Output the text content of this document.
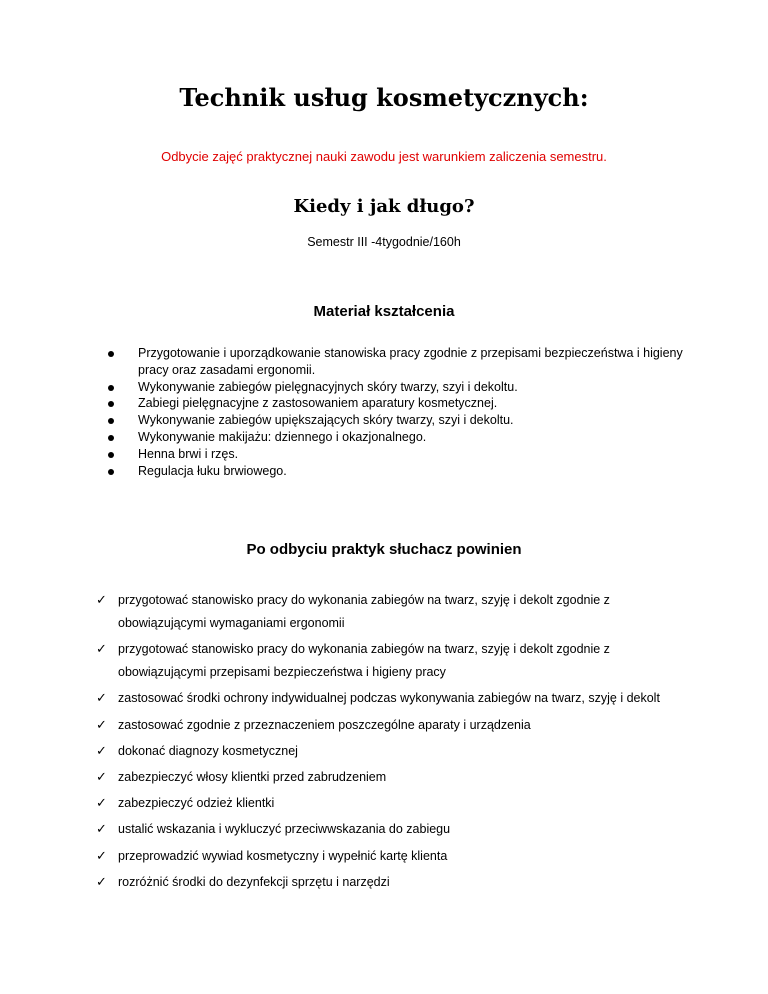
Technik usług kosmetycznych:
Odbycie zajęć praktycznej nauki zawodu jest warunkiem zaliczenia semestru.
Kiedy i jak długo?
Semestr III -4tygodnie/160h
Materiał kształcenia
Przygotowanie i uporządkowanie stanowiska pracy zgodnie z przepisami bezpieczeństwa i higieny pracy oraz zasadami ergonomii.
Wykonywanie zabiegów pielęgnacyjnych skóry twarzy, szyi i dekoltu.
Zabiegi pielęgnacyjne z zastosowaniem aparatury kosmetycznej.
Wykonywanie zabiegów upiększających skóry twarzy, szyi i dekoltu.
Wykonywanie makijażu: dziennego i okazjonalnego.
Henna brwi i rzęs.
Regulacja łuku brwiowego.
Po odbyciu praktyk słuchacz powinien
✓ przygotować stanowisko pracy do wykonania zabiegów na twarz, szyję i dekolt zgodnie z obowiązującymi wymaganiami ergonomii
✓ przygotować stanowisko pracy do wykonania zabiegów na twarz, szyję i dekolt zgodnie z obowiązującymi przepisami bezpieczeństwa i higieny pracy
✓ zastosować środki ochrony indywidualnej podczas wykonywania zabiegów na twarz, szyję i dekolt
✓ zastosować zgodnie z przeznaczeniem poszczególne aparaty i urządzenia
✓ dokonać diagnozy kosmetycznej
✓ zabezpieczyć włosy klientki przed zabrudzeniem
✓ zabezpieczyć odzież klientki
✓ ustalić wskazania i wykluczyć przeciwwskazania do zabiegu
✓ przeprowadzić wywiad kosmetyczny i wypełnić kartę klienta
✓ rozróżnić środki do dezynfekcji sprzętu i narzędzi
